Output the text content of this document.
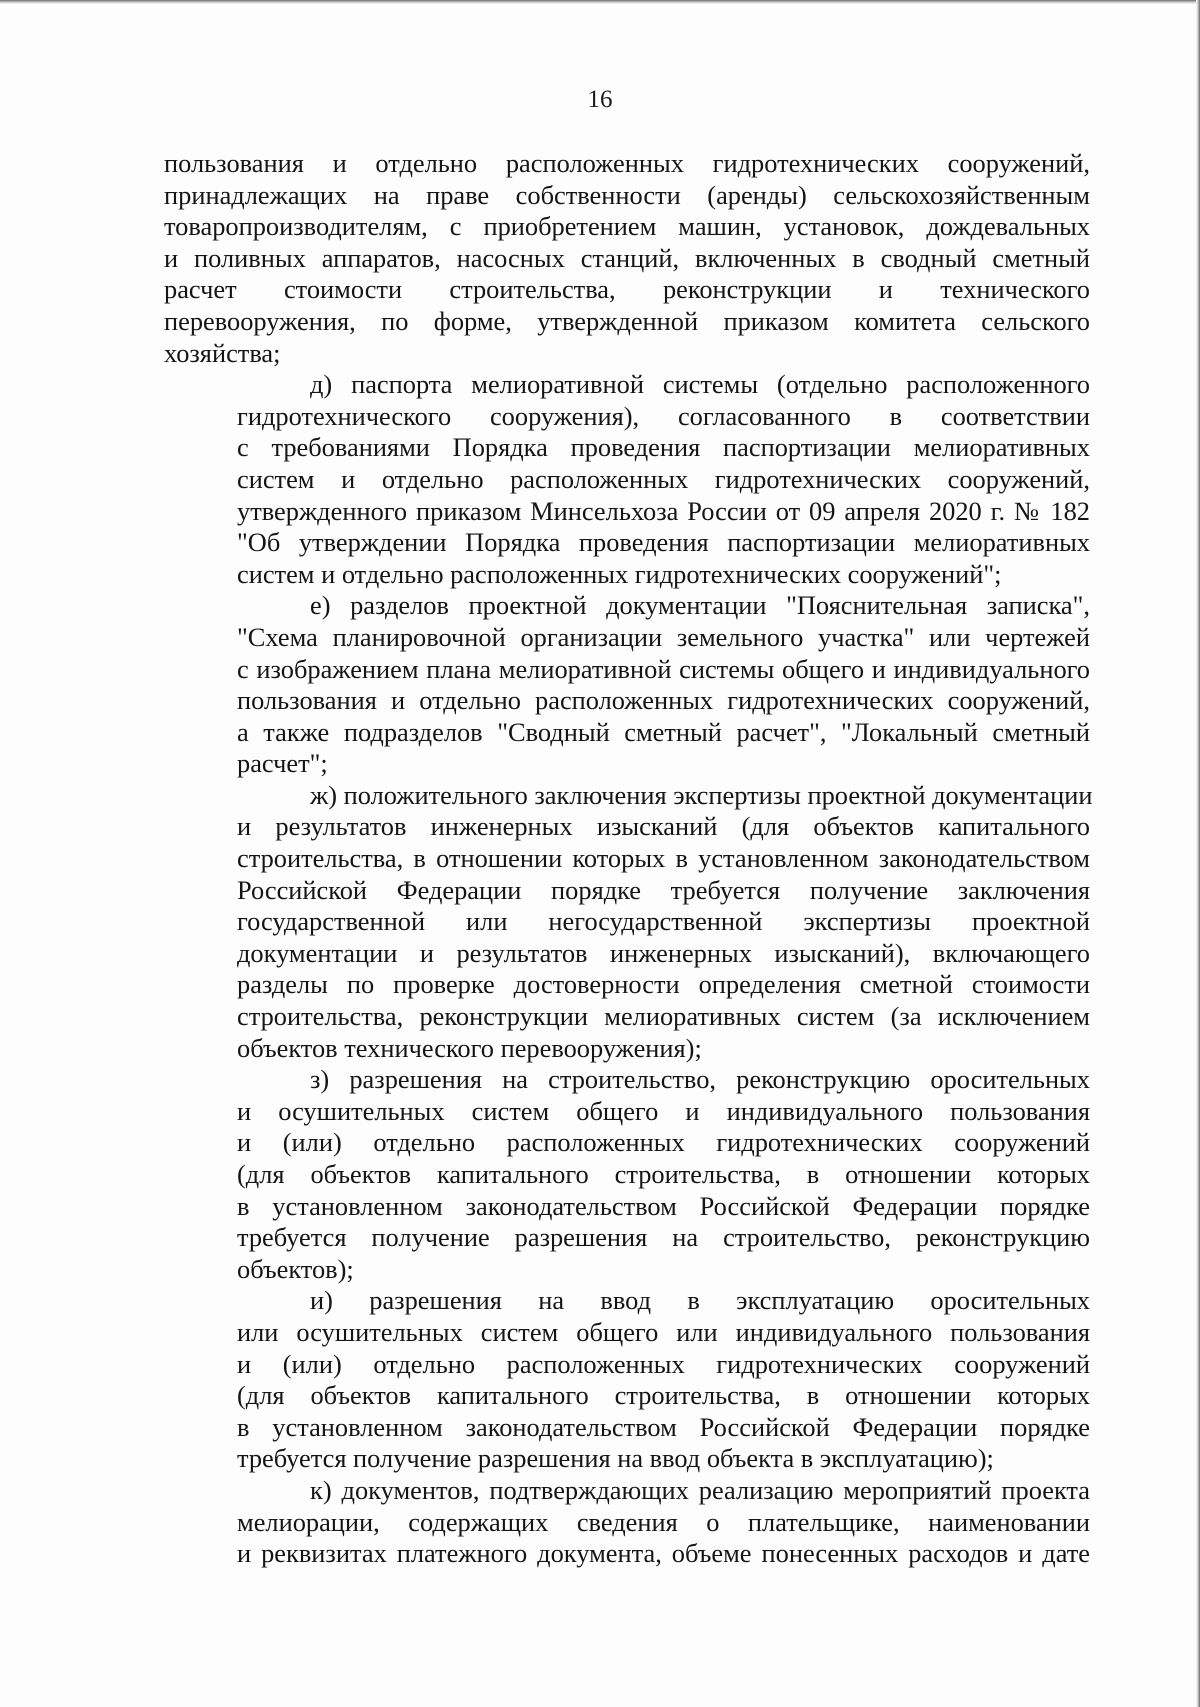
16
пользования и отдельно расположенных гидротехнических сооружений,
принадлежащих на праве собственности (аренды) сельскохозяйственным
товаропроизводителям, с приобретением машин, установок, дождевальных
и поливных аппаратов, насосных станций, включенных в сводный сметный
расчет стоимости строительства, реконструкции и технического
перевооружения, по форме, утвержденной приказом комитета сельского
хозяйства;
д) паспорта мелиоративной системы (отдельно расположенного
гидротехнического сооружения), согласованного в соответствии
с требованиями Порядка проведения паспортизации мелиоративных
систем и отдельно расположенных гидротехнических сооружений,
утвержденного приказом Минсельхоза России от 09 апреля 2020 г. № 182
"Об утверждении Порядка проведения паспортизации мелиоративных
систем и отдельно расположенных гидротехнических сооружений";
е) разделов проектной документации "Пояснительная записка",
"Схема планировочной организации земельного участка" или чертежей
с изображением плана мелиоративной системы общего и индивидуального
пользования и отдельно расположенных гидротехнических сооружений,
а также подразделов "Сводный сметный расчет", "Локальный сметный
расчет";
ж) положительного заключения экспертизы проектной документации
и результатов инженерных изысканий (для объектов капитального
строительства, в отношении которых в установленном законодательством
Российской Федерации порядке требуется получение заключения
государственной или негосударственной экспертизы проектной
документации и результатов инженерных изысканий), включающего
разделы по проверке достоверности определения сметной стоимости
строительства, реконструкции мелиоративных систем (за исключением
объектов технического перевооружения);
з) разрешения на строительство, реконструкцию оросительных
и осушительных систем общего и индивидуального пользования
и (или) отдельно расположенных гидротехнических сооружений
(для объектов капитального строительства, в отношении которых
в установленном законодательством Российской Федерации порядке
требуется получение разрешения на строительство, реконструкцию
объектов);
и) разрешения на ввод в эксплуатацию оросительных
или осушительных систем общего или индивидуального пользования
и (или) отдельно расположенных гидротехнических сооружений
(для объектов капитального строительства, в отношении которых
в установленном законодательством Российской Федерации порядке
требуется получение разрешения на ввод объекта в эксплуатацию);
к) документов, подтверждающих реализацию мероприятий проекта
мелиорации, содержащих сведения о плательщике, наименовании
и реквизитах платежного документа, объеме понесенных расходов и дате
